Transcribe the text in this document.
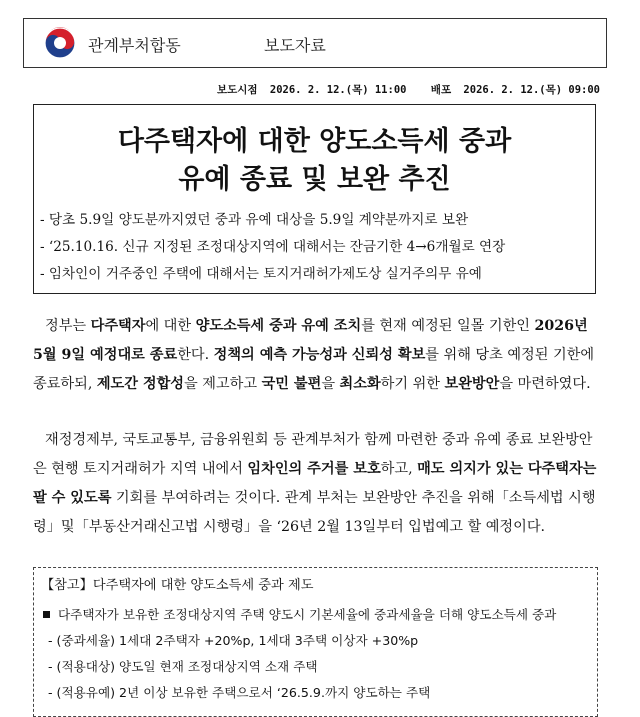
관계부처합동	보도자료
보도시점 2026. 2. 12.(목) 11:00 배포 2026. 2. 12.(목) 09:00
다주택자에 대한 양도소득세 중과
유예 종료 및 보완 추진
- 당초 5.9일 양도분까지였던 중과 유예 대상을 5.9일 계약분까지로 보완
- ‘25.10.16. 신규 지정된 조정대상지역에 대해서는 잔금기한 4→6개월로 연장
- 임차인이 거주중인 주택에 대해서는 토지거래허가제도상 실거주의무 유예
정부는 다주택자에 대한 양도소득세 중과 유예 조치를 현재 예정된 일몰 기한인 2026년 5월 9일 예정대로 종료한다. 정책의 예측 가능성과 신뢰성 확보를 위해 당초 예정된 기한에 종료하되, 제도간 정합성을 제고하고 국민 불편을 최소화하기 위한 보완방안을 마련하였다.
재정경제부, 국토교통부, 금융위원회 등 관계부처가 함께 마련한 중과 유예 종료 보완방안은 현행 토지거래허가 지역 내에서 임차인의 주거를 보호하고, 매도 의지가 있는 다주택자는 팔 수 있도록 기회를 부여하려는 것이다. 관계 부처는 보완방안 추진을 위해「소득세법 시행령」및「부동산거래신고법 시행령」을 ‘26년 2월 13일부터 입법예고 할 예정이다.
【참고】다주택자에 대한 양도소득세 중과 제도
다주택자가 보유한 조정대상지역 주택 양도시 기본세율에 중과세율을 더해 양도소득세 중과
- (중과세율) 1세대 2주택자 +20%p, 1세대 3주택 이상자 +30%p
- (적용대상) 양도일 현재 조정대상지역 소재 주택
- (적용유예) 2년 이상 보유한 주택으로서 ‘26.5.9.까지 양도하는 주택
